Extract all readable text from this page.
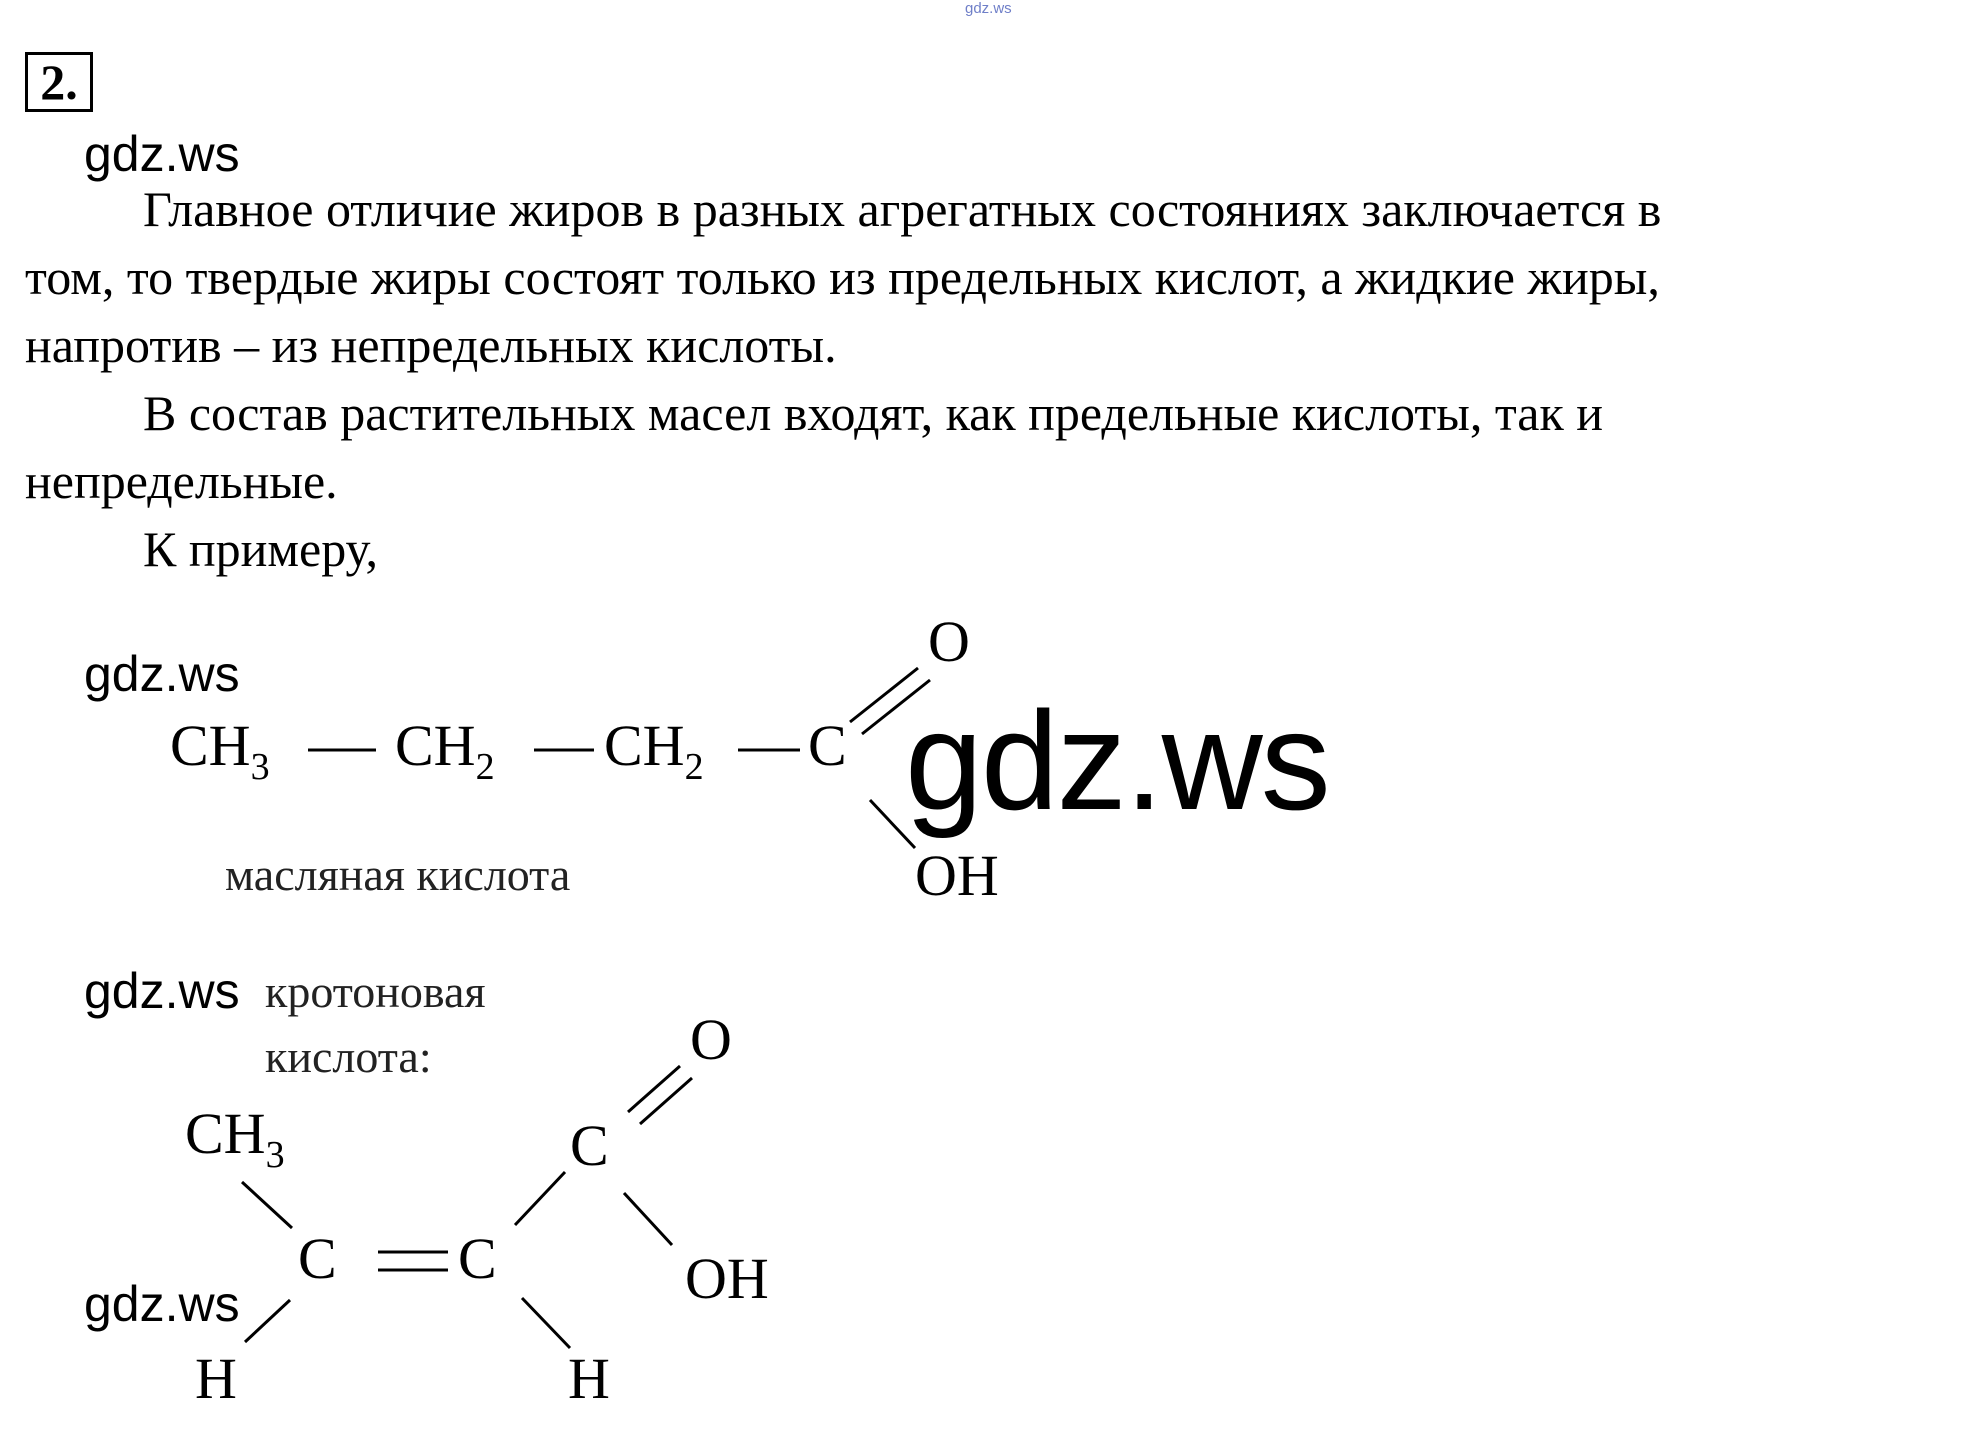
gdz.ws
2.
gdz.ws
gdz.ws
gdz.ws
gdz.ws
gdz.ws
Главное отличие жиров в разных агрегатных состояниях заключается в
том, то твердые жиры состоят только из предельных кислот, а жидкие жиры,
напротив – из непредельных кислоты.
В состав растительных масел входят, как предельные кислоты, так и
непредельные.
К примеру,
$CH_3$ $CH_2$ $CH_2$ C
O
OH
масляная кислота
кротоновая
кислота:
$CH_3$
C C
C
O
OH
H	H
